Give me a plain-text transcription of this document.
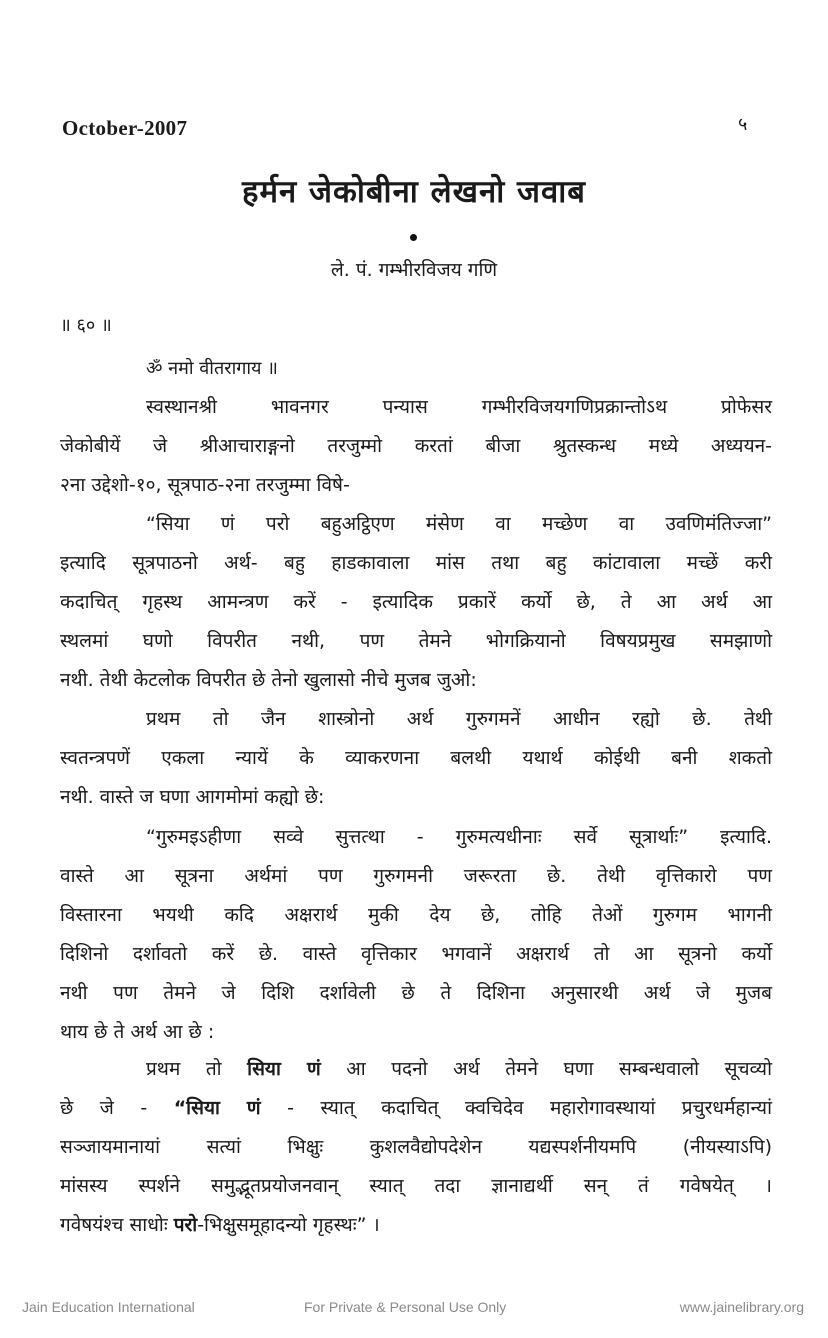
October-2007	५
हर्मन जेकोबीना लेखनो जवाब
ले. पं. गम्भीरविजय गणि
॥ ६० ॥
ॐ नमो वीतरागाय ॥
स्वस्थानश्री भावनगर पन्यास गम्भीरविजयगणिप्रक्रान्तोऽथ प्रोफेसर
जेकोबीयें जे श्रीआचाराङ्गनो तरजुम्मो करतां बीजा श्रुतस्कन्ध मध्ये अध्ययन-
२ना उद्देशो-१०, सूत्रपाठ-२ना तरजुम्मा विषे-
“सिया णं परो बहुअट्ठिएण मंसेण वा मच्छेण वा उवणिमंतिज्जा”
इत्यादि सूत्रपाठनो अर्थ- बहु हाडकावाला मांस तथा बहु कांटावाला मच्छें करी
कदाचित् गृहस्थ आमन्त्रण करें - इत्यादिक प्रकारें कर्यो छे, ते आ अर्थ आ
स्थलमां घणो विपरीत नथी, पण तेमने भोगक्रियानो विषयप्रमुख समझाणो
नथी. तेथी केटलोक विपरीत छे तेनो खुलासो नीचे मुजब जुओ:
प्रथम तो जैन शास्त्रोनो अर्थ गुरुगमनें आधीन रह्यो छे. तेथी
स्वतन्त्रपणें एकला न्यायें के व्याकरणना बलथी यथार्थ कोईथी बनी शकतो
नथी. वास्ते ज घणा आगमोमां कह्यो छे:
“गुरुमइऽहीणा सव्वे सुत्तत्था - गुरुमत्यधीनाः सर्वे सूत्रार्थाः” इत्यादि.
वास्ते आ सूत्रना अर्थमां पण गुरुगमनी जरूरता छे. तेथी वृत्तिकारो पण
विस्तारना भयथी कदि अक्षरार्थ मुकी देय छे, तोहि तेओं गुरुगम भागनी
दिशिनो दर्शावतो करें छे. वास्ते वृत्तिकार भगवानें अक्षरार्थ तो आ सूत्रनो कर्यो
नथी पण तेमने जे दिशि दर्शावेली छे ते दिशिना अनुसारथी अर्थ जे मुजब
थाय छे ते अर्थ आ छे :
प्रथम तो सिया णं आ पदनो अर्थ तेमने घणा सम्बन्धवालो सूचव्यो
छे जे - “सिया णं - स्यात् कदाचित् क्वचिदेव महारोगावस्थायां प्रचुरधर्महान्यां
सञ्जायमानायां सत्यां भिक्षुः कुशलवैद्योपदेशेन यद्यस्पर्शनीयमपि (नीयस्याऽपि)
मांसस्य स्पर्शने समुद्भूतप्रयोजनवान् स्यात् तदा ज्ञानाद्यर्थी सन् तं गवेषयेत् ।
गवेषयंश्च साधोः परो-भिक्षुसमूहादन्यो गृहस्थः” ।
Jain Education International	For Private & Personal Use Only	www.jainelibrary.org
